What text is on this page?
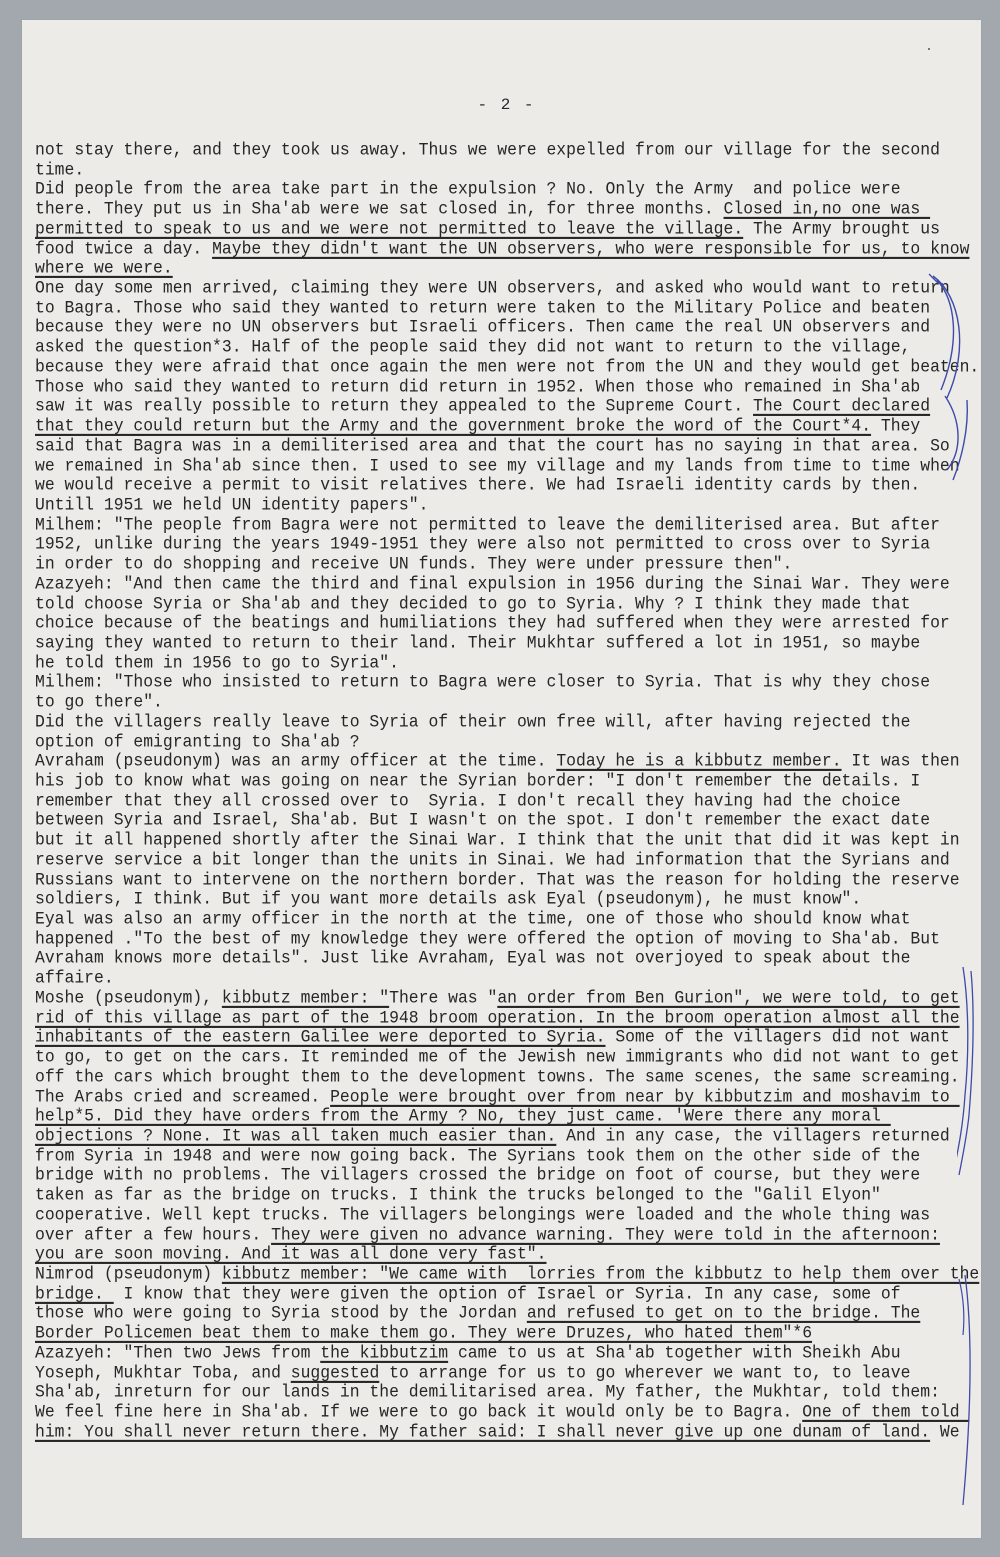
- 2 -
not stay there, and they took us away. Thus we were expelled from our village for the second
time.
Did people from the area take part in the expulsion ? No. Only the Army  and police were
there. They put us in Sha'ab were we sat closed in, for three months. Closed in,no one was
permitted to speak to us and we were not permitted to leave the village. The Army brought us
food twice a day. Maybe they didn't want the UN observers, who were responsible for us, to know
where we were.
One day some men arrived, claiming they were UN observers, and asked who would want to return
to Bagra. Those who said they wanted to return were taken to the Military Police and beaten
because they were no UN observers but Israeli officers. Then came the real UN observers and
asked the question*3. Half of the people said they did not want to return to the village,
because they were afraid that once again the men were not from the UN and they would get beaten.
Those who said they wanted to return did return in 1952. When those who remained in Sha'ab
saw it was really possible to return they appealed to the Supreme Court. The Court declared
that they could return but the Army and the government broke the word of the Court*4. They
said that Bagra was in a demiliterised area and that the court has no saying in that area. So
we remained in Sha'ab since then. I used to see my village and my lands from time to time when
we would receive a permit to visit relatives there. We had Israeli identity cards by then.
Untill 1951 we held UN identity papers".
Milhem: "The people from Bagra were not permitted to leave the demiliterised area. But after
1952, unlike during the years 1949-1951 they were also not permitted to cross over to Syria
in order to do shopping and receive UN funds. They were under pressure then".
Azazyeh: "And then came the third and final expulsion in 1956 during the Sinai War. They were
told choose Syria or Sha'ab and they decided to go to Syria. Why ? I think they made that
choice because of the beatings and humiliations they had suffered when they were arrested for
saying they wanted to return to their land. Their Mukhtar suffered a lot in 1951, so maybe
he told them in 1956 to go to Syria".
Milhem: "Those who insisted to return to Bagra were closer to Syria. That is why they chose
to go there".
Did the villagers really leave to Syria of their own free will, after having rejected the
option of emigranting to Sha'ab ?
Avraham (pseudonym) was an army officer at the time. Today he is a kibbutz member. It was then
his job to know what was going on near the Syrian border: "I don't remember the details. I
remember that they all crossed over to  Syria. I don't recall they having had the choice
between Syria and Israel, Sha'ab. But I wasn't on the spot. I don't remember the exact date
but it all happened shortly after the Sinai War. I think that the unit that did it was kept in
reserve service a bit longer than the units in Sinai. We had information that the Syrians and
Russians want to intervene on the northern border. That was the reason for holding the reserve
soldiers, I think. But if you want more details ask Eyal (pseudonym), he must know".
Eyal was also an army officer in the north at the time, one of those who should know what
happened ."To the best of my knowledge they were offered the option of moving to Sha'ab. But
Avraham knows more details". Just like Avraham, Eyal was not overjoyed to speak about the
affaire.
Moshe (pseudonym), kibbutz member: "There was "an order from Ben Gurion", we were told, to get
rid of this village as part of the 1948 broom operation. In the broom operation almost all the
inhabitants of the eastern Galilee were deported to Syria. Some of the villagers did not want
to go, to get on the cars. It reminded me of the Jewish new immigrants who did not want to get
off the cars which brought them to the development towns. The same scenes, the same screaming.
The Arabs cried and screamed. People were brought over from near by kibbutzim and moshavim to
help*5. Did they have orders from the Army ? No, they just came. 'Were there any moral
objections ? None. It was all taken much easier than. And in any case, the villagers returned
from Syria in 1948 and were now going back. The Syrians took them on the other side of the
bridge with no problems. The villagers crossed the bridge on foot of course, but they were
taken as far as the bridge on trucks. I think the trucks belonged to the "Galil Elyon"
cooperative. Well kept trucks. The villagers belongings were loaded and the whole thing was
over after a few hours. They were given no advance warning. They were told in the afternoon:
you are soon moving. And it was all done very fast".
Nimrod (pseudonym) kibbutz member: "We came with  lorries from the kibbutz to help them over the
bridge.  I know that they were given the option of Israel or Syria. In any case, some of
those who were going to Syria stood by the Jordan and refused to get on to the bridge. The
Border Policemen beat them to make them go. They were Druzes, who hated them"*6
Azazyeh: "Then two Jews from the kibbutzim came to us at Sha'ab together with Sheikh Abu
Yoseph, Mukhtar Toba, and suggested to arrange for us to go wherever we want to, to leave
Sha'ab, inreturn for our lands in the demilitarised area. My father, the Mukhtar, told them:
We feel fine here in Sha'ab. If we were to go back it would only be to Bagra. One of them told
him: You shall never return there. My father said: I shall never give up one dunam of land. We
